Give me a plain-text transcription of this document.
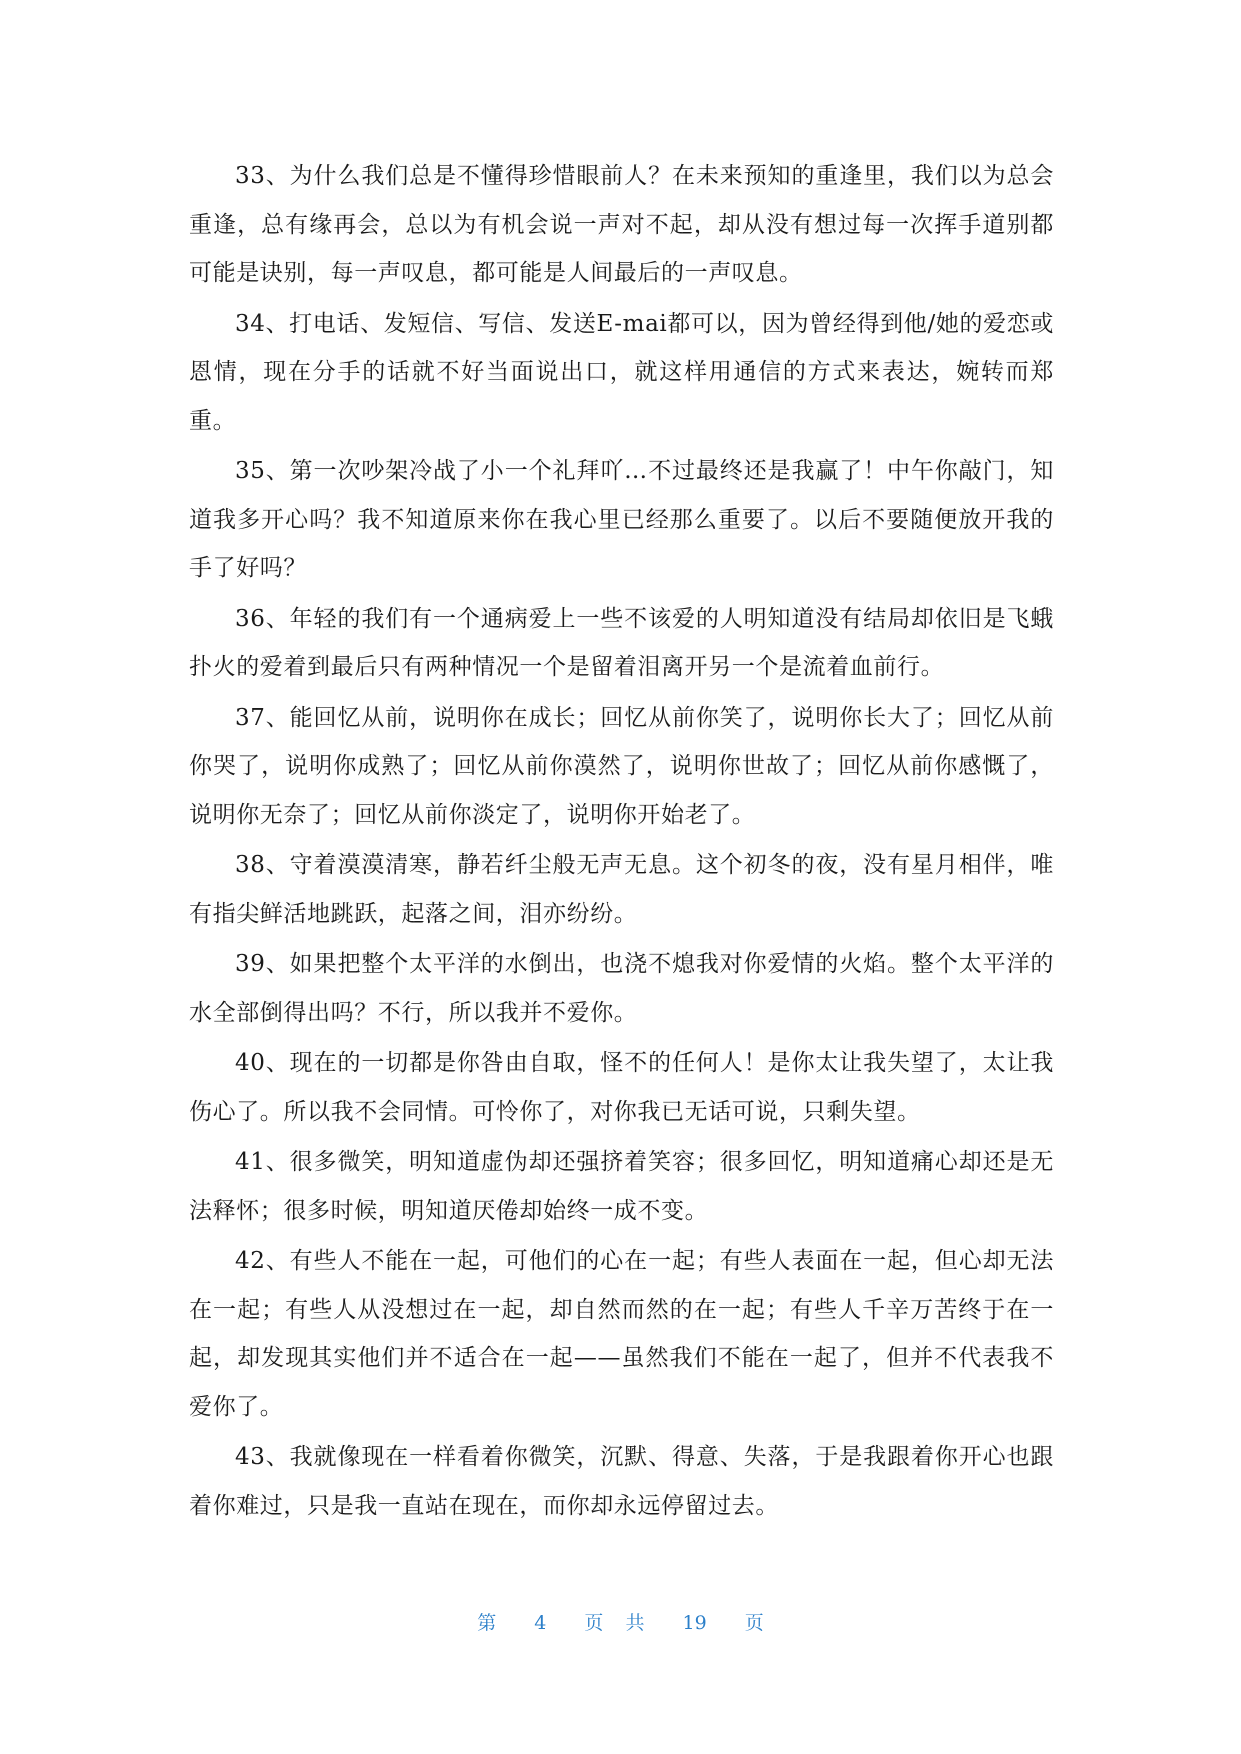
33、为什么我们总是不懂得珍惜眼前人？在未来预知的重逢里，我们以为总会重逢，总有缘再会，总以为有机会说一声对不起，却从没有想过每一次挥手道别都可能是诀别，每一声叹息，都可能是人间最后的一声叹息。

34、打电话、发短信、写信、发送E-mai都可以，因为曾经得到他/她的爱恋或恩情，现在分手的话就不好当面说出口，就这样用通信的方式来表达，婉转而郑重。

35、第一次吵架冷战了小一个礼拜吖…不过最终还是我赢了！中午你敲门，知道我多开心吗？我不知道原来你在我心里已经那么重要了。以后不要随便放开我的手了好吗？

36、年轻的我们有一个通病爱上一些不该爱的人明知道没有结局却依旧是飞蛾扑火的爱着到最后只有两种情况一个是留着泪离开另一个是流着血前行。

37、能回忆从前，说明你在成长；回忆从前你笑了，说明你长大了；回忆从前你哭了，说明你成熟了；回忆从前你漠然了，说明你世故了；回忆从前你感慨了，说明你无奈了；回忆从前你淡定了，说明你开始老了。

38、守着漠漠清寒，静若纤尘般无声无息。这个初冬的夜，没有星月相伴，唯有指尖鲜活地跳跃，起落之间，泪亦纷纷。

39、如果把整个太平洋的水倒出，也浇不熄我对你爱情的火焰。整个太平洋的水全部倒得出吗？不行，所以我并不爱你。

40、现在的一切都是你咎由自取，怪不的任何人！是你太让我失望了，太让我伤心了。所以我不会同情。可怜你了，对你我已无话可说，只剩失望。

41、很多微笑，明知道虚伪却还强挤着笑容；很多回忆，明知道痛心却还是无法释怀；很多时候，明知道厌倦却始终一成不变。

42、有些人不能在一起，可他们的心在一起；有些人表面在一起，但心却无法在一起；有些人从没想过在一起，却自然而然的在一起；有些人千辛万苦终于在一起，却发现其实他们并不适合在一起——虽然我们不能在一起了，但并不代表我不爱你了。

43、我就像现在一样看着你微笑，沉默、得意、失落，于是我跟着你开心也跟着你难过，只是我一直站在现在，而你却永远停留过去。

第 4 页 共 19 页
